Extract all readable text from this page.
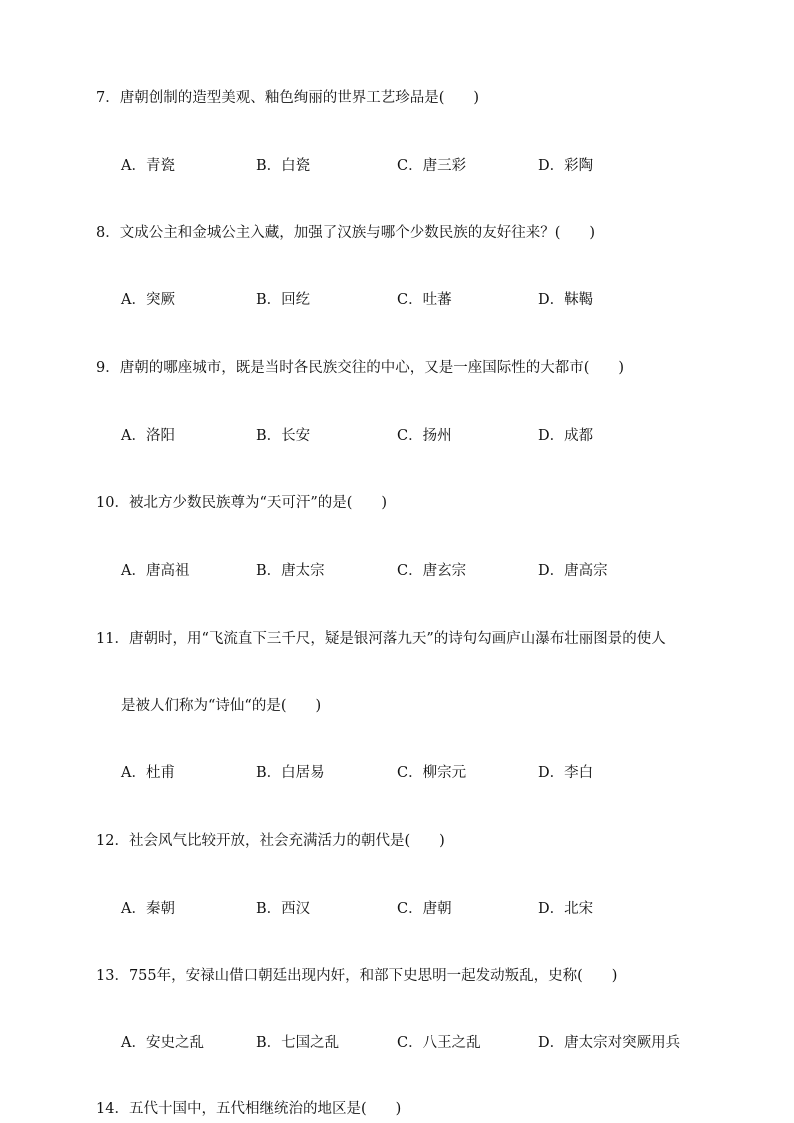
7．唐朝创制的造型美观、釉色绚丽的世界工艺珍品是(　　)
A．青瓷	B．白瓷	C．唐三彩	D．彩陶
8．文成公主和金城公主入藏，加强了汉族与哪个少数民族的友好往来？(　　)
A．突厥	B．回纥	C．吐蕃	D．靺鞨
9．唐朝的哪座城市，既是当时各民族交往的中心，又是一座国际性的大都市(　　)
A．洛阳	B．长安	C．扬州	D．成都
10．被北方少数民族尊为“天可汗”的是(　　)
A．唐高祖	B．唐太宗	C．唐玄宗	D．唐高宗
11．唐朝时，用“飞流直下三千尺，疑是银河落九天”的诗句勾画庐山瀑布壮丽图景的使人
是被人们称为“诗仙“的是(　　)
A．杜甫	B．白居易	C．柳宗元	D．李白
12．社会风气比较开放，社会充满活力的朝代是(　　)
A．秦朝	B．西汉	C．唐朝	D．北宋
13．755年，安禄山借口朝廷出现内奸，和部下史思明一起发动叛乱，史称(　　)
A．安史之乱	B．七国之乱	C．八王之乱	D．唐太宗对突厥用兵
14．五代十国中，五代相继统治的地区是(　　)
